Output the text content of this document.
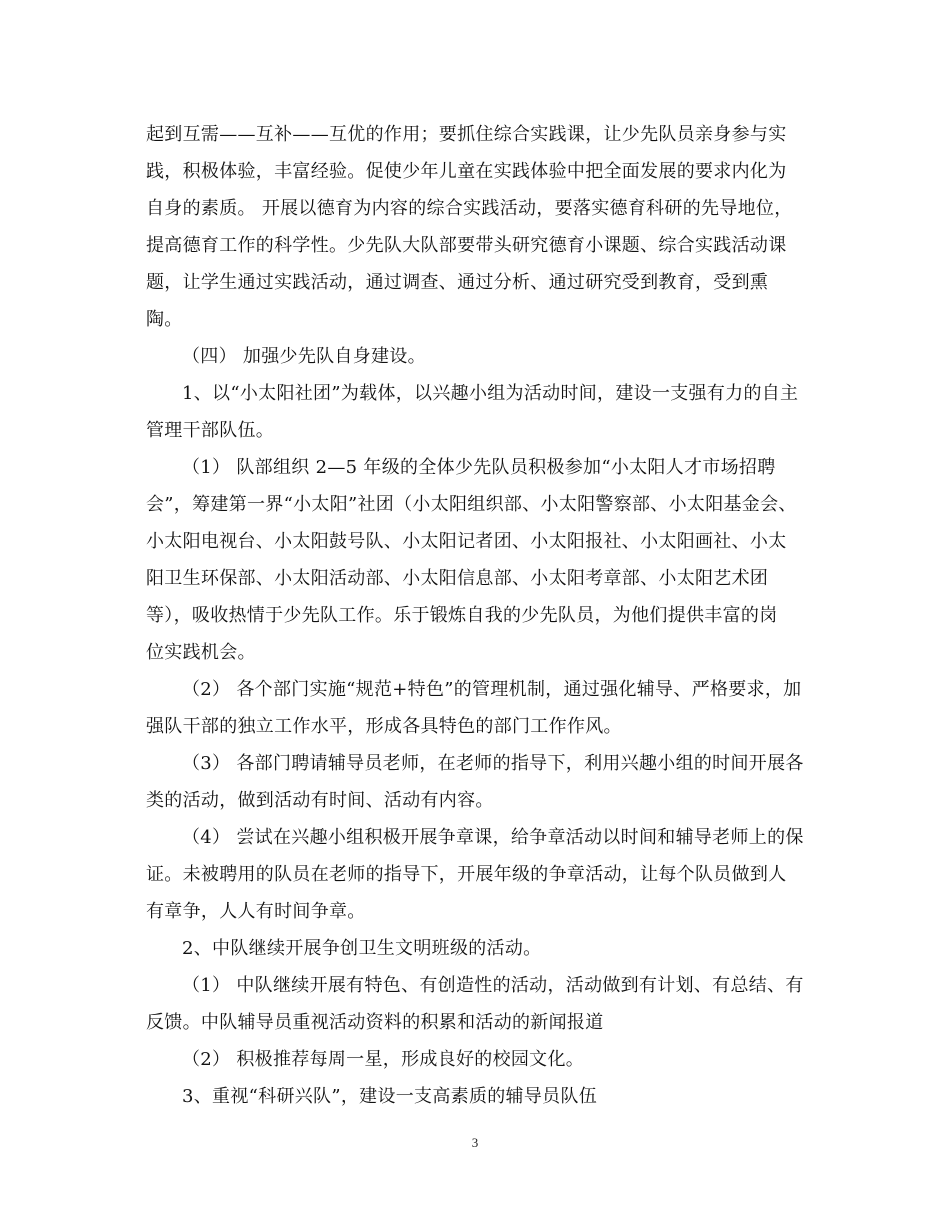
起到互需——互补——互优的作用；要抓住综合实践课，让少先队员亲身参与实
践，积极体验，丰富经验。促使少年儿童在实践体验中把全面发展的要求内化为
自身的素质。 开展以德育为内容的综合实践活动，要落实德育科研的先导地位，
提高德育工作的科学性。少先队大队部要带头研究德育小课题、综合实践活动课
题，让学生通过实践活动，通过调查、通过分析、通过研究受到教育，受到熏
陶。
（四） 加强少先队自身建设。
1、以“小太阳社团”为载体，以兴趣小组为活动时间，建设一支强有力的自主
管理干部队伍。
（1） 队部组织 2—5 年级的全体少先队员积极参加“小太阳人才市场招聘
会”，筹建第一界“小太阳”社团（小太阳组织部、小太阳警察部、小太阳基金会、
小太阳电视台、小太阳鼓号队、小太阳记者团、小太阳报社、小太阳画社、小太
阳卫生环保部、小太阳活动部、小太阳信息部、小太阳考章部、小太阳艺术团
等），吸收热情于少先队工作。乐于锻炼自我的少先队员，为他们提供丰富的岗
位实践机会。
（2） 各个部门实施“规范+特色”的管理机制，通过强化辅导、严格要求，加
强队干部的独立工作水平，形成各具特色的部门工作作风。
（3） 各部门聘请辅导员老师，在老师的指导下，利用兴趣小组的时间开展各
类的活动，做到活动有时间、活动有内容。
（4） 尝试在兴趣小组积极开展争章课，给争章活动以时间和辅导老师上的保
证。未被聘用的队员在老师的指导下，开展年级的争章活动，让每个队员做到人
有章争，人人有时间争章。
2、中队继续开展争创卫生文明班级的活动。
（1） 中队继续开展有特色、有创造性的活动，活动做到有计划、有总结、有
反馈。中队辅导员重视活动资料的积累和活动的新闻报道
（2） 积极推荐每周一星，形成良好的校园文化。
3、重视“科研兴队”，建设一支高素质的辅导员队伍
3
